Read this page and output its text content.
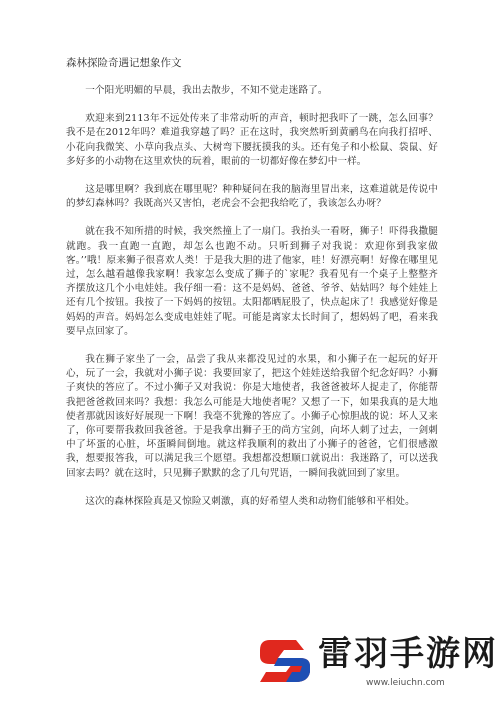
森林探险奇遇记想象作文

一个阳光明媚的早晨，我出去散步，不知不觉走迷路了。

欢迎来到2113年不远处传来了非常动听的声音，顿时把我吓了一跳，怎么回事？我不是在2012年吗？难道我穿越了吗？正在这时，我突然听到黄鹂鸟在向我打招呼、小花向我微笑、小草向我点头、大树弯下腰抚摸我的头。还有兔子和小松鼠、袋鼠、好多好多的小动物在这里欢快的玩着，眼前的一切都好像在梦幻中一样。

这是哪里啊？我到底在哪里呢？种种疑问在我的脑海里冒出来，这难道就是传说中的梦幻森林吗？我既高兴又害怕，老虎会不会把我给吃了，我该怎么办呀？

就在我不知所措的时候，我突然撞上了一扇门。我抬头一看呀，狮子！吓得我撒腿就跑。我一直跑一直跑，却怎么也跑不动。只听到狮子对我说：欢迎你到我家做客。’’哦！原来狮子很喜欢人类！于是我大胆的进了他家，哇！好漂亮啊！好像在哪里见过，怎么越看越像我家啊！我家怎么变成了狮子的`家呢？我看见有一个桌子上整整齐齐摆放这几个小电娃娃。我仔细一看：这不是妈妈、爸爸、爷爷、姑姑吗？每个娃娃上还有几个按钮。我按了一下妈妈的按钮。太阳都晒屁股了，快点起床了！我感觉好像是妈妈的声音。妈妈怎么变成电娃娃了呢。可能是离家太长时间了，想妈妈了吧，看来我要早点回家了。

我在狮子家坐了一会，品尝了我从来都没见过的水果，和小狮子在一起玩的好开心，玩了一会，我就对小狮子说：我要回家了，把这个娃娃送给我留个纪念好吗？小狮子爽快的答应了。不过小狮子又对我说：你是大地使者，我爸爸被坏人捉走了，你能帮我把爸爸救回来吗？我想：我怎么可能是大地使者呢？又想了一下，如果我真的是大地使者那就因该好好展现一下啊！我毫不犹豫的答应了。小狮子心惊胆战的说：坏人又来了，你可要帮我救回我爸爸。于是我拿出狮子王的尚方宝剑，向坏人刺了过去，一剑刺中了坏蛋的心脏，坏蛋瞬间倒地。就这样我顺利的救出了小狮子的爸爸，它们很感激我，想要报答我，可以满足我三个愿望。我想都没想顺口就说出：我迷路了，可以送我回家去吗？就在这时，只见狮子默默的念了几句咒语，一瞬间我就回到了家里。

这次的森林探险真是又惊险又刺激，真的好希望人类和动物们能够和平相处。

雷羽手游网
www.leiuchn.com
